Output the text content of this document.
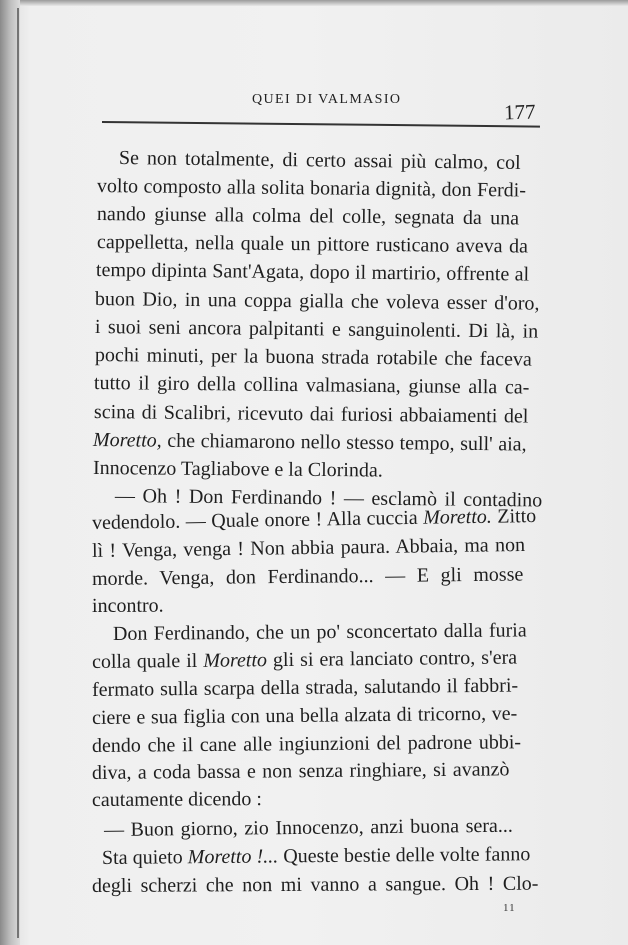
QUEI DI VALMASIO	177
Se non totalmente, di certo assai più calmo, col
volto composto alla solita bonaria dignità, don Ferdi-
nando giunse alla colma del colle, segnata da una
cappelletta, nella quale un pittore rusticano aveva da
tempo dipinta Sant'Agata, dopo il martirio, offrente al
buon Dio, in una coppa gialla che voleva esser d'oro,
i suoi seni ancora palpitanti e sanguinolenti. Di là, in
pochi minuti, per la buona strada rotabile che faceva
tutto il giro della collina valmasiana, giunse alla ca-
scina di Scalibri, ricevuto dai furiosi abbaiamenti del
Moretto, che chiamarono nello stesso tempo, sull' aia,
Innocenzo Tagliabove e la Clorinda.
— Oh ! Don Ferdinando ! — esclamò il contadino
vedendolo. — Quale onore ! Alla cuccia Moretto. Zitto
lì ! Venga, venga ! Non abbia paura. Abbaia, ma non
morde. Venga, don Ferdinando... — E gli mosse
incontro.
Don Ferdinando, che un po' sconcertato dalla furia
colla quale il Moretto gli si era lanciato contro, s'era
fermato sulla scarpa della strada, salutando il fabbri-
ciere e sua figlia con una bella alzata di tricorno, ve-
dendo che il cane alle ingiunzioni del padrone ubbi-
diva, a coda bassa e non senza ringhiare, si avanzò
cautamente dicendo :
— Buon giorno, zio Innocenzo, anzi buona sera...
Sta quieto Moretto !... Queste bestie delle volte fanno
degli scherzi che non mi vanno a sangue. Oh ! Clo-
11
